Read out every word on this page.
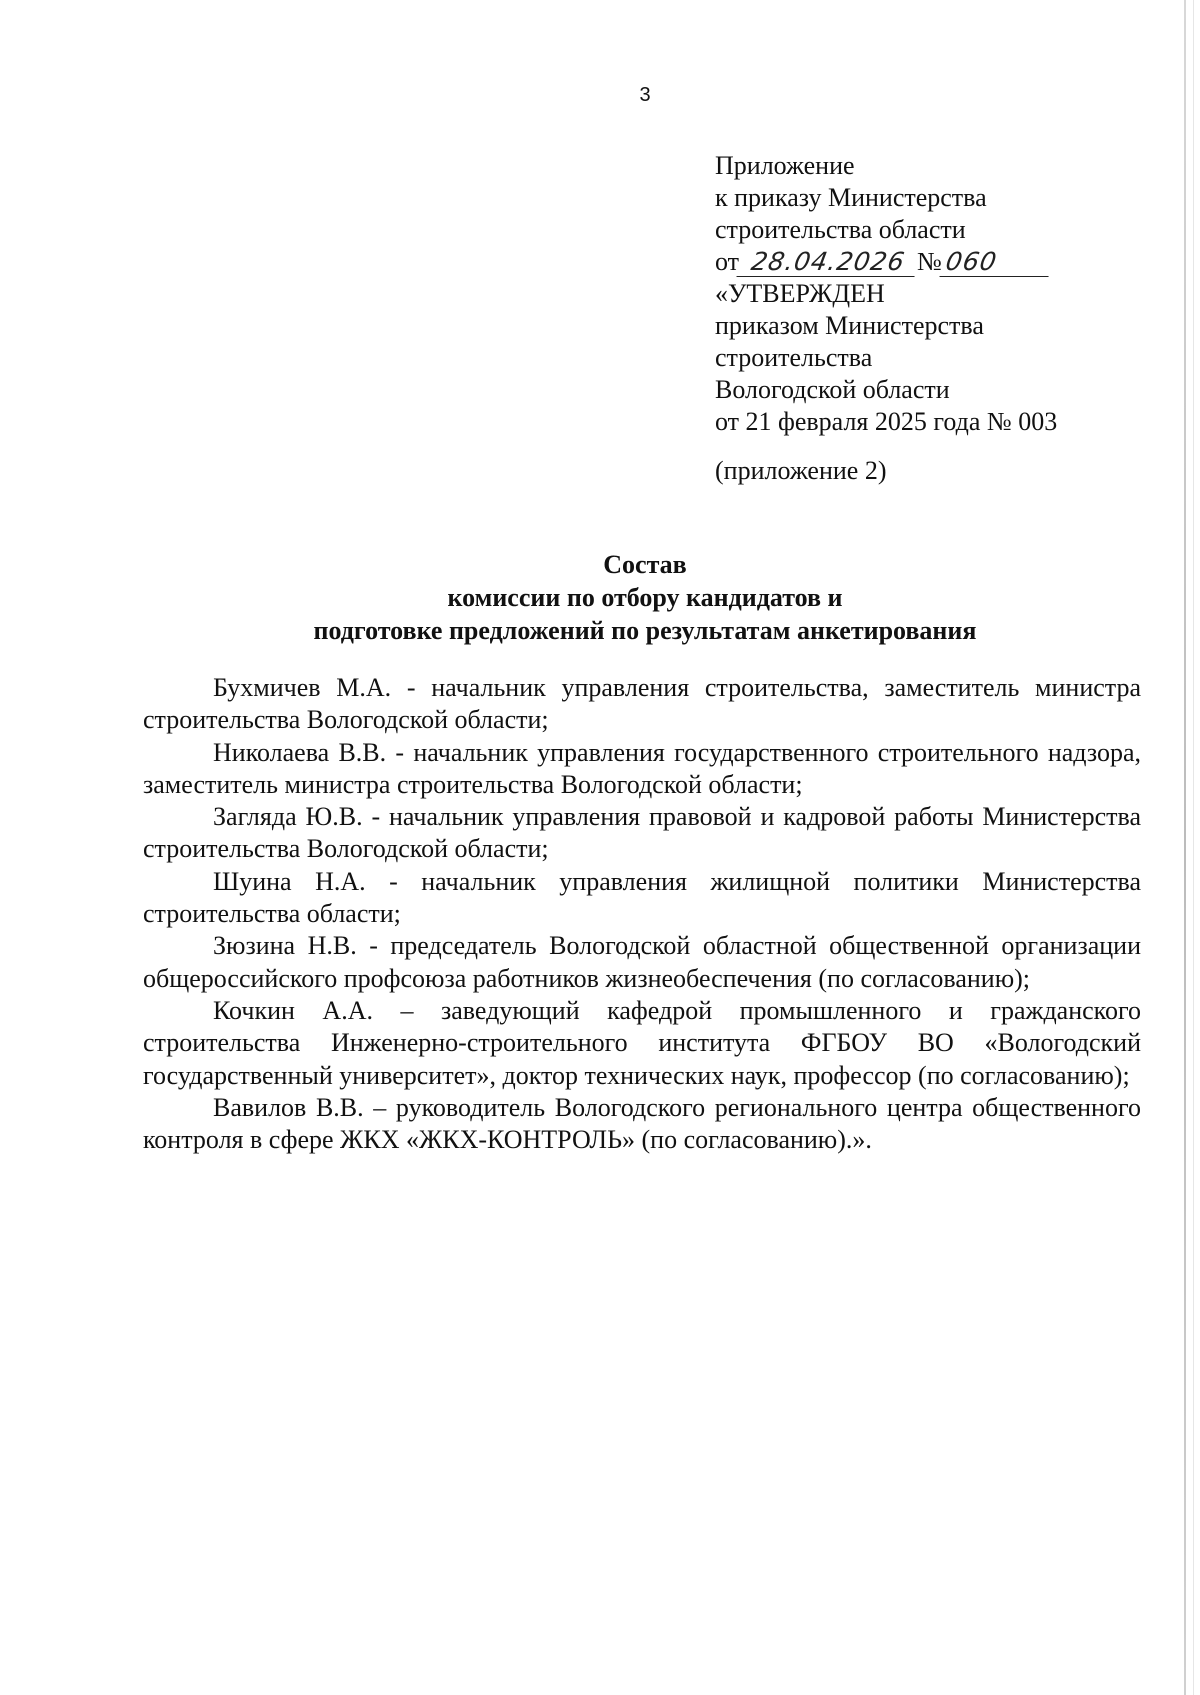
3
Приложение
к приказу Министерства
строительства области
от 28.04.2026 №060
«УТВЕРЖДЕН
приказом Министерства
строительства
Вологодской области
от 21 февраля 2025 года № 003
(приложение 2)
Состав
комиссии по отбору кандидатов и
подготовке предложений по результатам анкетирования

Бухмичев М.А. - начальник управления строительства, заместитель министра строительства Вологодской области;

Николаева В.В. - начальник управления государственного строительного надзора, заместитель министра строительства Вологодской области;

Загляда Ю.В. - начальник управления правовой и кадровой работы Министерства строительства Вологодской области;

Шуина Н.А. - начальник управления жилищной политики Министерства строительства области;

Зюзина Н.В. - председатель Вологодской областной общественной организации общероссийского профсоюза работников жизнеобеспечения (по согласованию);

Кочкин А.А. – заведующий кафедрой промышленного и гражданского строительства Инженерно-строительного института ФГБОУ ВО «Вологодский государственный университет», доктор технических наук, профессор (по согласованию);

Вавилов В.В. – руководитель Вологодского регионального центра общественного контроля в сфере ЖКХ «ЖКХ-КОНТРОЛЬ» (по согласованию).».
